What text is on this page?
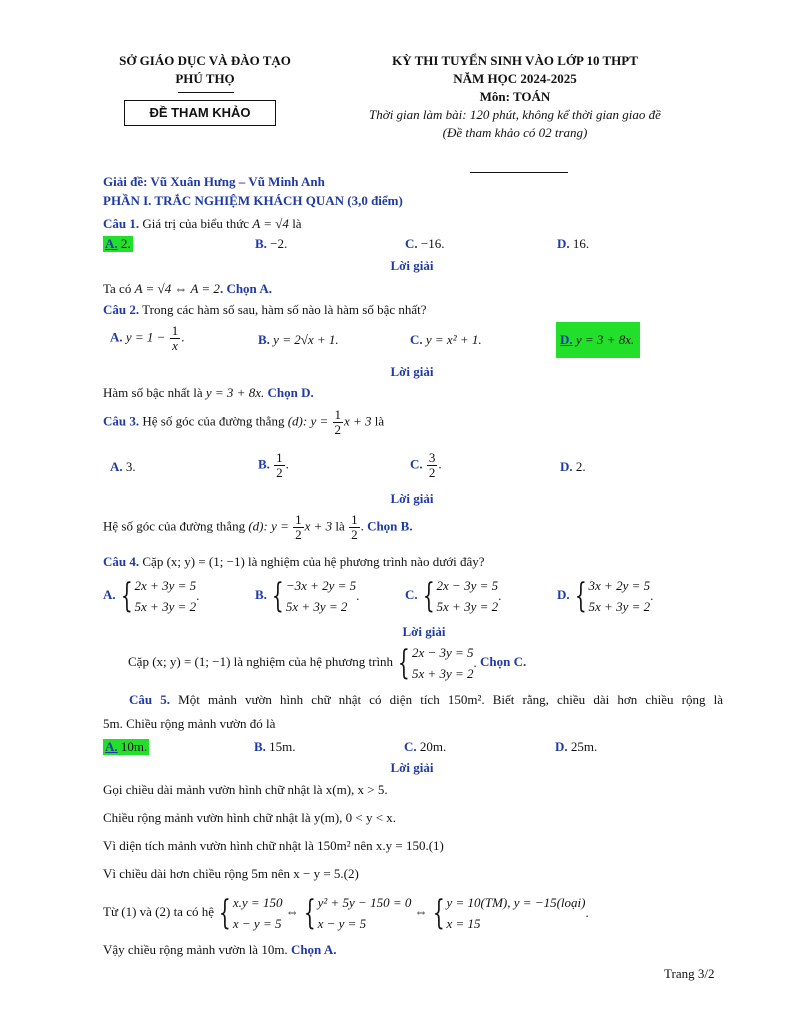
SỞ GIÁO DỤC VÀ ĐÀO TẠO
PHÚ THỌ
ĐỀ THAM KHẢO
KỲ THI TUYỂN SINH VÀO LỚP 10 THPT
NĂM HỌC 2024-2025
Môn: TOÁN
Thời gian làm bài: 120 phút, không kể thời gian giao đề
(Đề tham khảo có 02 trang)
Giải đề: Vũ Xuân Hưng – Vũ Minh Anh
PHẦN I. TRẮC NGHIỆM KHÁCH QUAN (3,0 điểm)
Câu 1. Giá trị của biểu thức A = √4 là
A. 2.	B. −2.	C. −16.	D. 16.
Lời giải
Ta có A = √4 ⇔ A = 2. Chọn A.
Câu 2. Trong các hàm số sau, hàm số nào là hàm số bậc nhất?
A. $y = 1 - \frac{1}{x}$ .	B. y = 2√x + 1.	C. y = x² + 1.	D. y = 3 + 8x.
Lời giải
Hàm số bậc nhất là y = 3 + 8x. Chọn D.
Câu 3. Hệ số góc của đường thẳng (d): $y = \frac{1}{2}$ x + 3 là
A. 3.	B. $\frac{1}{2}$ .	C. $\frac{3}{2}$ .	D. 2.
Lời giải
Hệ số góc của đường thẳng (d): $y = \frac{1}{2}$ x + 3 là $\frac{1}{2}$ . Chọn B.
Câu 4. Cặp (x; y) = (1; −1) là nghiệm của hệ phương trình nào dưới đây?
A. { 2x + 3y = 5
5x + 3y = 2
.	B. { −3x + 2y = 5
5x + 3y = 2
.	C. { 2x − 3y = 5
5x + 3y = 2
.	D. { 3x + 2y = 5
5x + 3y = 2
.
Lời giải
Cặp (x; y) = (1; −1) là nghiệm của hệ phương trình { 2x − 3y = 5
5x + 3y = 2
. Chọn C.
Câu 5. Một mảnh vườn hình chữ nhật có diện tích 150m². Biết rằng, chiều dài hơn chiều rộng là
5m. Chiều rộng mảnh vườn đó là
A. 10m.	B. 15m.	C. 20m.	D. 25m.
Lời giải
Gọi chiều dài mảnh vườn hình chữ nhật là x(m), x > 5.
Chiều rộng mảnh vườn hình chữ nhật là y(m), 0 < y < x.
Vì diện tích mảnh vườn hình chữ nhật là 150m² nên x.y = 150.(1)
Vì chiều dài hơn chiều rộng 5m nên x − y = 5.(2)
Từ (1) và (2) ta có hệ { x.y = 150
x − y = 5
⇔ { y² + 5y − 150 = 0
x − y = 5
⇔ { y = 10(TM), y = −15(loại)
x = 15
.
Vậy chiều rộng mảnh vườn là 10m. Chọn A.
Trang 3/2
